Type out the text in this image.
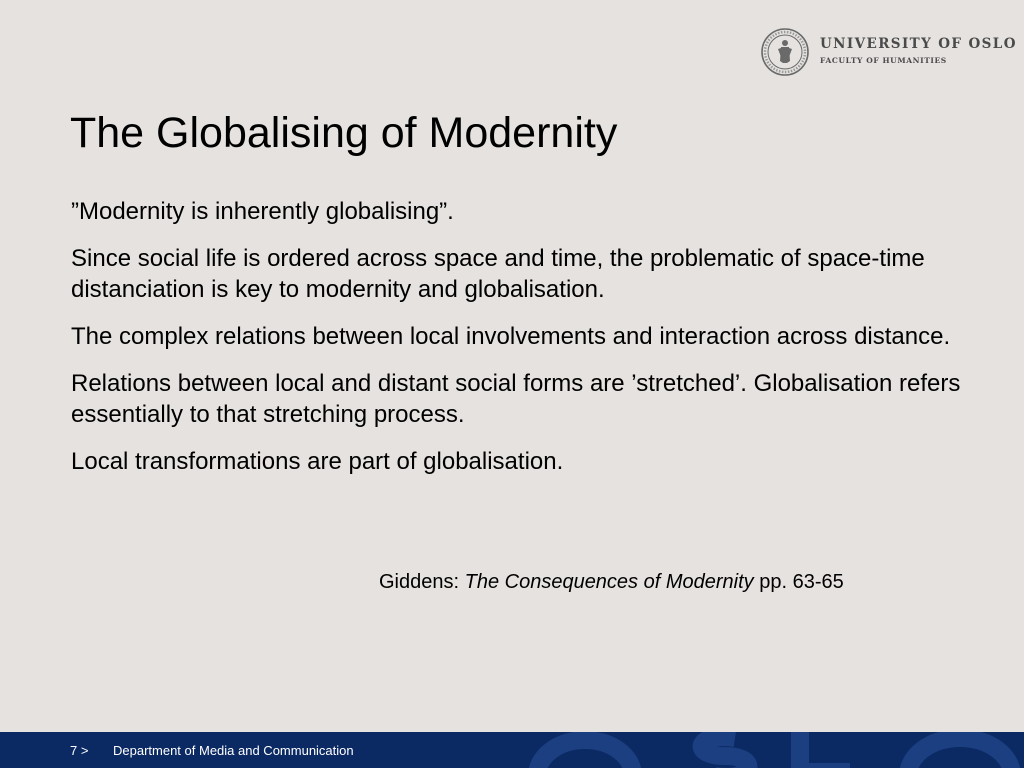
UNIVERSITY OF OSLO
FACULTY OF HUMANITIES
The Globalising of Modernity
”Modernity is inherently globalising”.
Since social life is ordered across space and time, the problematic of space-time distanciation is key to modernity and globalisation.
The complex relations between local involvements and interaction across distance.
Relations between local and distant social forms are ’stretched’. Globalisation refers essentially to that stretching process.
Local transformations are part of globalisation.
Giddens: The Consequences of Modernity pp. 63-65
7 > Department of Media and Communication
